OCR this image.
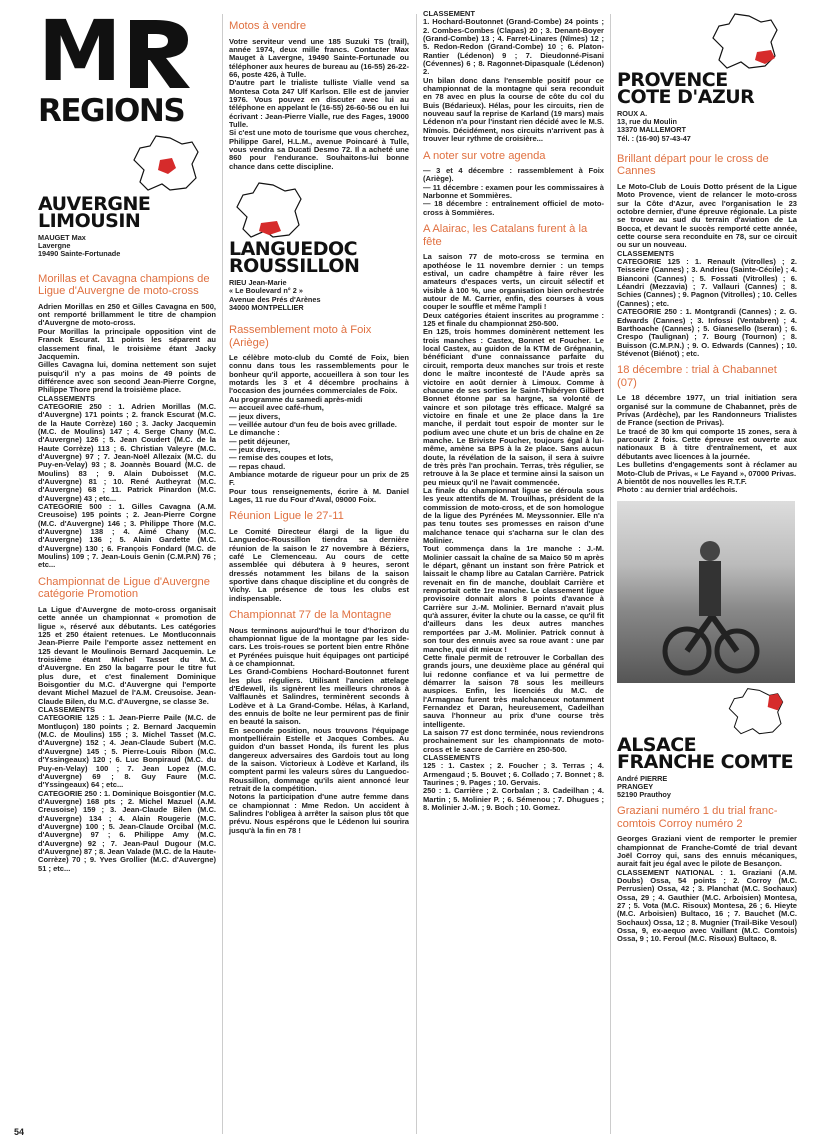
M
REGIONS
AUVERGNE
LIMOUSIN
MAUGET Max
Lavergne
19490 Sainte-Fortunade
Morillas et Cavagna champions de Ligue d'Auvergne de moto-cross
Adrien Morillas en 250 et Gilles Cavagna en 500, ont remporté brillamment le titre de champion d'Auvergne de moto-cross.
Pour Morillas la principale opposition vint de Franck Escurat. 11 points les séparent au classement final, le troisième étant Jacky Jacquemin.
Gilles Cavagna lui, domina nettement son sujet puisqu'il n'y a pas moins de 49 points de différence avec son second Jean-Pierre Corgne, Philippe Thore prend la troisième place.
CLASSEMENTS
CATEGORIE 250 : 1. Adrien Morillas (M.C. d'Auvergne) 171 points ; 2. franck Escurat (M.C. de la Haute Corrèze) 160 ; 3. Jacky Jacquemin (M.C. de Moulins) 147 ; 4. Serge Chany (M.C. d'Auvergne) 126 ; 5. Jean Coudert (M.C. de la Haute Corrèze) 113 ; 6. Christian Valeyre (M.C. d'Auvergne) 97 ; 7. Jean-Noël Allezaix (M.C. du Puy-en-Velay) 93 ; 8. Joannès Bouard (M.C. de Moulins) 83 ; 9. Alain Duboisset (M.C. d'Auvergne) 81 ; 10. René Autheyrat (M.C. d'Auvergne) 68 ; 11. Patrick Pinardon (M.C. d'Auvergne) 43 ; etc...
CATEGORIE 500 : 1. Gilles Cavagna (A.M. Creusoise) 195 points ; 2. Jean-Pierre Corgne (M.C. d'Auvergne) 146 ; 3. Philippe Thore (M.C. d'Auvergne) 138 ; 4. Aimé Chany (M.C. d'Auvergne) 136 ; 5. Alain Gardette (M.C. d'Auvergne) 130 ; 6. François Fondard (M.C. de Moulins) 109 ; 7. Jean-Louis Genin (C.M.P.N) 76 ; etc...
Championnat de Ligue d'Auvergne catégorie Promotion
La Ligue d'Auvergne de moto-cross organisait cette année un championnat « promotion de ligue », réservé aux débutants. Les catégories 125 et 250 étaient retenues. Le Montluconnais Jean-Pierre Paile l'emporte assez nettement en 125 devant le Moulinois Bernard Jacquemin. Le troisième étant Michel Tasset du M.C. d'Auvergne. En 250 la bagarre pour le titre fut plus dure, et c'est finalement Dominique Boisgontier du M.C. d'Auvergne qui l'emporte devant Michel Mazuel de l'A.M. Creusoise. Jean-Claude Bilen, du M.C. d'Auvergne, se classe 3e.
CLASSEMENTS
CATEGORIE 125 : 1. Jean-Pierre Paile (M.C. de Montluçon) 180 points ; 2. Bernard Jacquemin (M.C. de Moulins) 155 ; 3. Michel Tasset (M.C. d'Auvergne) 152 ; 4. Jean-Claude Subert (M.C. d'Auvergne) 145 ; 5. Pierre-Louis Ribon (M.C. d'Yssingeaux) 120 ; 6. Luc Bonpiraud (M.C. du Puy-en-Velay) 100 ; 7. Jean Lopez (M.C. d'Auvergne) 69 ; 8. Guy Faure (M.C. d'Yssingeaux) 64 ; etc...
CATEGORIE 250 : 1. Dominique Boisgontier (M.C. d'Auvergne) 168 pts ; 2. Michel Mazuel (A.M. Creusoise) 159 ; 3. Jean-Claude Bilen (M.C. d'Auvergne) 134 ; 4. Alain Rougerie (M.C. d'Auvergne) 100 ; 5. Jean-Claude Orcibal (M.C. d'Auvergne) 97 ; 6. Philippe Amy (M.C. d'Auvergne) 92 ; 7. Jean-Paul Dugour (M.C. d'Auvergne) 87 ; 8. Jean Valade (M.C. de la Haute-Corrèze) 70 ; 9. Yves Grollier (M.C. d'Auvergne) 51 ; etc...
Motos à vendre
Votre serviteur vend une 185 Suzuki TS (trail), année 1974, deux mille francs. Contacter Max Mauget à Lavergne, 19490 Sainte-Fortunade ou téléphoner aux heures de bureau au (16-55) 26-22-66, poste 426, à Tulle.
D'autre part le trialiste tulliste Vialle vend sa Montesa Cota 247 Ulf Karlson. Elle est de janvier 1976. Vous pouvez en discuter avec lui au téléphone en appelant le (16-55) 26-60-56 ou en lui écrivant : Jean-Pierre Vialle, rue des Fages, 19000 Tulle.
Si c'est une moto de tourisme que vous cherchez, Philippe Garel, H.L.M., avenue Poincaré à Tulle, vous vendra sa Ducati Desmo 72. Il a acheté une 860 pour l'endurance. Souhaitons-lui bonne chance dans cette discipline.
LANGUEDOC
ROUSSILLON
RIEU Jean-Marie
« Le Boulevard n° 2 »
Avenue des Prés d'Arènes
34000 MONTPELLIER
Rassemblement moto à Foix (Ariège)
Le célèbre moto-club du Comté de Foix, bien connu dans tous les rassemblements pour le bonheur qu'il apporte, accueillera à son tour les motards les 3 et 4 décembre prochains à l'occasion des journées commerciales de Foix.
Au programme du samedi après-midi
— accueil avec café-rhum,
— jeux divers,
— veillée autour d'un feu de bois avec grillade.
Le dimanche :
— petit déjeuner,
— jeux divers,
— remise des coupes et lots,
— repas chaud.
Ambiance motarde de rigueur pour un prix de 25 F.
Pour tous renseignements, écrire à M. Daniel Lages, 11 rue du Four d'Aval, 09000 Foix.
Réunion Ligue le 27-11
Le Comité Directeur élargi de la ligue du Languedoc-Roussillon tiendra sa dernière réunion de la saison le 27 novembre à Béziers, café Le Clemenceau. Au cours de cette assemblée qui débutera à 9 heures, seront dressés notamment les bilans de la saison sportive dans chaque discipline et du congrès de Vichy. La présence de tous les clubs est indispensable.
Championnat 77 de la Montagne
Nous terminons aujourd'hui le tour d'horizon du championnat ligue de la montagne par les side-cars. Les trois-roues se portent bien entre Rhône et Pyrénées puisque huit équipages ont participé à ce championnat.
Les Grand-Combiens Hochard-Boutonnet furent les plus réguliers. Utilisant l'ancien attelage d'Edewell, ils signèrent les meilleurs chronos à Valflaunès et Salindres, terminèrent seconds à Lodève et à La Grand-Combe. Hélas, à Karland, des ennuis de boîte ne leur permirent pas de finir en beauté la saison.
En seconde position, nous trouvons l'équipage montpelliérain Estelle et Jacques Combes. Au guidon d'un basset Honda, ils furent les plus dangereux adversaires des Gardois tout au long de la saison. Victorieux à Lodève et Karland, ils comptent parmi les valeurs sûres du Languedoc-Roussillon, dommage qu'ils aient annoncé leur retrait de la compétition.
Notons la participation d'une autre femme dans ce championnat : Mme Redon. Un accident à Salindres l'obligea à arrêter la saison plus tôt que prévu. Nous espérons que le Lédenon lui sourira jusqu'à la fin en 78 !
CLASSEMENT
1. Hochard-Boutonnet (Grand-Combe) 24 points ; 2. Combes-Combes (Clapas) 20 ; 3. Denant-Boyer (Grand-Combe) 13 ; 4. Farret-Linares (Nîmes) 12 ; 5. Redon-Redon (Grand-Combe) 10 ; 6. Platon-Rantier (Lédenon) 9 ; 7. Dieudonné-Pisani (Cévennes) 6 ; 8. Ragonnet-Dipasquale (Lédenon) 2.
Un bilan donc dans l'ensemble positif pour ce championnat de la montagne qui sera reconduit en 78 avec en plus la course de côte du col du Buis (Bédarieux). Hélas, pour les circuits, rien de nouveau sauf la reprise de Karland (19 mars) mais Lédenon n'a pour l'instant rien décidé avec le M.S. Nîmois. Décidément, nos circuits n'arrivent pas à trouver leur rythme de croisière...
A noter sur votre agenda
— 3 et 4 décembre : rassemblement à Foix (Ariège).
— 11 décembre : examen pour les commissaires à Narbonne et Sommières.
— 18 décembre : entraînement officiel de moto-cross à Sommières.
A Alairac, les Catalans furent à la fête
La saison 77 de moto-cross se termina en apothéose le 11 novembre dernier : un temps estival, un cadre champêtre à faire rêver les amateurs d'espaces verts, un circuit sélectif et visible à 100 %, une organisation bien orchestrée autour de M. Carrier, enfin, des courses à vous couper le souffle et même l'ampli !
Deux catégories étaient inscrites au programme : 125 et finale du championnat 250-500.
En 125, trois hommes dominèrent nettement les trois manches : Castex, Bonnet et Foucher. Le local Castex, au guidon de la KTM de Grégnanin, bénéficiant d'une connaissance parfaite du circuit, remporta deux manches sur trois et reste donc le maître incontesté de l'Aude après sa victoire en août dernier à Limoux. Comme à chacune de ses sorties le Saint-Thibéryen Gilbert Bonnet étonne par sa hargne, sa volonté de vaincre et son pilotage très efficace. Malgré sa victoire en finale et une 2e place dans la 1re manche, il perdait tout espoir de monter sur le podium avec une chute et un bris de chaîne en 2e manche. Le Briviste Foucher, toujours égal à lui-même, amène sa BPS à la 2e place. Sans aucun doute, la révélation de la saison, il sera à suivre de très près l'an prochain. Terras, très régulier, se retrouve à la 3e place et termine ainsi la saison un peu mieux qu'il ne l'avait commencée.
La finale du championnat ligue se déroula sous les yeux attentifs de M. Trouilhas, président de la commission de moto-cross, et de son homologue de la ligue des Pyrénées M. Meyssonnier. Elle n'a pas tenu toutes ses promesses en raison d'une malchance tenace qui s'acharna sur le clan des Molinier.
Tout commença dans la 1re manche : J.-M. Molinier cassait la chaîne de sa Maico 50 m après le départ, gênant un instant son frère Patrick et laissait le champ libre au Catalan Carrière. Patrick revenait en fin de manche, doublait Carrière et remportait cette 1re manche. Le classement ligue provisoire donnait alors 8 points d'avance à Carrière sur J.-M. Molinier. Bernard n'avait plus qu'à assurer, éviter la chute ou la casse, ce qu'il fit d'ailleurs dans les deux autres manches remportées par J.-M. Molinier. Patrick connut à son tour des ennuis avec sa roue avant : une par manche, qui dit mieux !
Cette finale permit de retrouver le Corballan des grands jours, une deuxième place au général qui lui redonne confiance et va lui permettre de démarrer la saison 78 sous les meilleurs auspices. Enfin, les licenciés du M.C. de l'Armagnac furent très malchanceux notamment Fernandez et Daran, heureusement, Cadeilhan sauva l'honneur au prix d'une course très intelligente.
La saison 77 est donc terminée, nous reviendrons prochainement sur les championnats de moto-cross et le sacre de Carrière en 250-500.
CLASSEMENTS
125 : 1. Castex ; 2. Foucher ; 3. Terras ; 4. Armengaud ; 5. Bouvet ; 6. Collado ; 7. Bonnet ; 8. Taurines ; 9. Pages ; 10. Gervais.
250 : 1. Carrière ; 2. Corbalan ; 3. Cadeilhan ; 4. Martin ; 5. Molinier P. ; 6. Sémenou ; 7. Dhugues ; 8. Molinier J.-M. ; 9. Boch ; 10. Gomez.
PROVENCE
COTE D'AZUR
ROUX A.
13, rue du Moulin
13370 MALLEMORT
Tél. : (16-90) 57-43-47
Brillant départ pour le cross de Cannes
Le Moto-Club de Louis Dotto présent de la Ligue Moto Provence, vient de relancer le moto-cross sur la Côte d'Azur, avec l'organisation le 23 octobre dernier, d'une épreuve régionale. La piste se trouve au sud du terrain d'aviation de La Bocca, et devant le succès remporté cette année, cette course sera reconduite en 78, sur ce circuit ou sur un nouveau.
CLASSEMENTS
CATEGORIE 125 : 1. Renault (Vitrolles) ; 2. Teisseire (Cannes) ; 3. Andrieu (Sainte-Cécile) ; 4. Bianconi (Cannes) ; 5. Fossati (Vitrolles) ; 6. Léandri (Mezzavia) ; 7. Vallauri (Cannes) ; 8. Schies (Cannes) ; 9. Pagnon (Vitrolles) ; 10. Celles (Cannes) ; etc.
CATEGORIE 250 : 1. Montgrandi (Cannes) ; 2. G. Edwards (Cannes) ; 3. Infossi (Ventabren) ; 4. Barthoache (Cannes) ; 5. Gianesello (Iseran) ; 6. Crespo (Taulignan) ; 7. Bourg (Tournon) ; 8. Buisson (C.M.P.N.) ; 9. O. Edwards (Cannes) ; 10. Stévenot (Biénot) ; etc.
18 décembre : trial à Chabannet (07)
Le 18 décembre 1977, un trial initiation sera organisé sur la commune de Chabannet, près de Privas (Ardèche), par les Randonneurs Trialistes de France (section de Privas).
Le tracé de 30 km qui comporte 15 zones, sera à parcourir 2 fois. Cette épreuve est ouverte aux nationaux B à titre d'entraînement, et aux débutants avec licences à la journée.
Les bulletins d'engagements sont à réclamer au Moto-Club de Privas, « Le Fayand », 07000 Privas.
A bientôt de nos nouvelles les R.T.F.
Photo : au dernier trial ardéchois.
ALSACE
FRANCHE COMTE
André PIERRE
PRANGEY
52190 Prauthoy
Graziani numéro 1 du trial franc-comtois Corroy numéro 2
Georges Graziani vient de remporter le premier championnat de Franche-Comté de trial devant Joël Corroy qui, sans des ennuis mécaniques, aurait fait jeu égal avec le pilote de Besançon.
CLASSEMENT NATIONAL : 1. Graziani (A.M. Doubs) Ossa, 54 points ; 2. Corroy (M.C. Perrusien) Ossa, 42 ; 3. Planchat (M.C. Sochaux) Ossa, 29 ; 4. Gauthier (M.C. Arboisien) Montesa, 27 ; 5. Vota (M.C. Risoux) Montesa, 26 ; 6. Hieyte (M.C. Arboisien) Bultaco, 16 ; 7. Bauchet (M.C. Sochaux) Ossa, 12 ; 8. Mugnier (Trail-Bike Vesoul) Ossa, 9, ex-aequo avec Vaillant (M.C. Comtois) Ossa, 9 ; 10. Feroul (M.C. Risoux) Bultaco, 8.
54
